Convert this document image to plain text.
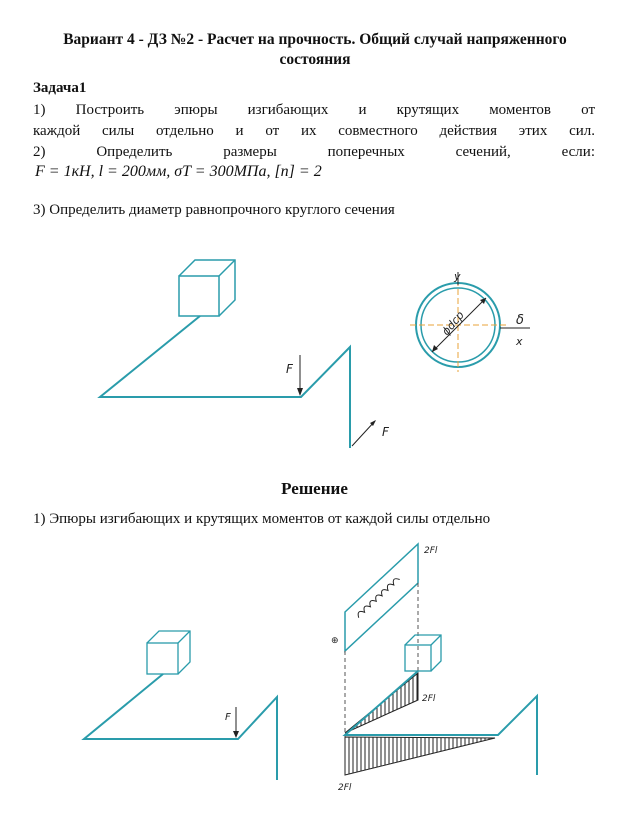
Вариант 4 - ДЗ №2 - Расчет на прочность. Общий случай напряженного
состояния
Задача1
1) Построить эпюры изгибающих и крутящих моментов от
каждой силы отдельно и от их совместного действия этих сил.
2) Определить размеры поперечных сечений, если:
F = 1кН, l = 200мм, σT = 300МПа, [n] = 2
3) Определить диаметр равнопрочного круглого сечения
Решение
1) Эпюры изгибающих и крутящих моментов от каждой силы отдельно
F
F
y
x
δ
ϕdср
F
2Fl
⊕
2Fl
2Fl
